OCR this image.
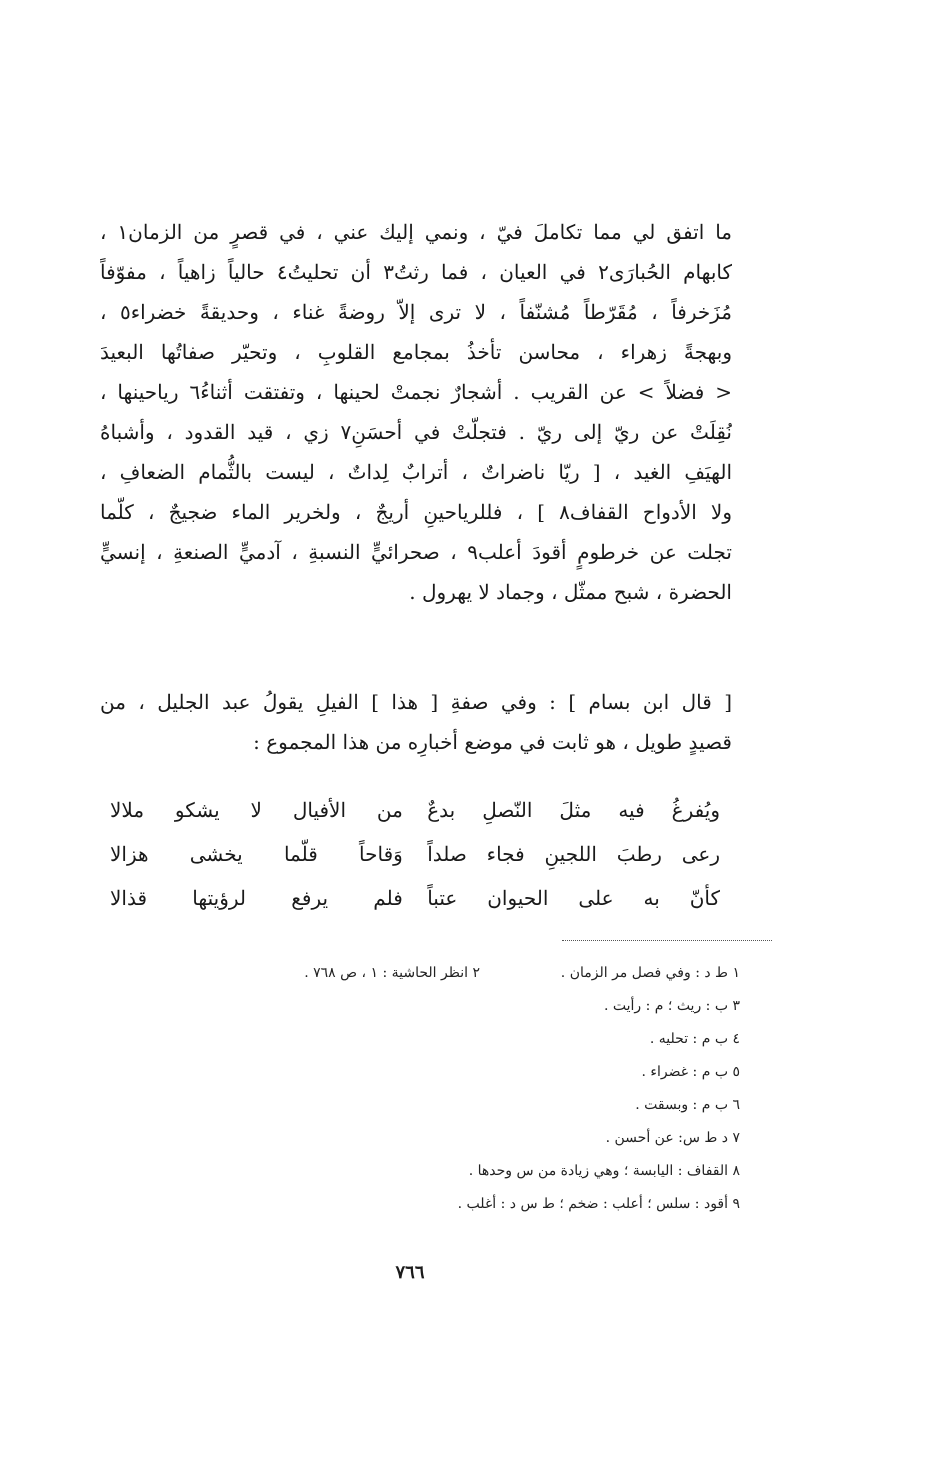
ما اتفق لي مما تكاملَ فيّ ، ونمي إليك عني ، في قصرٍ من الزمان١ ،
كابهام الحُبارَى٢ في العيان ، فما رثتُ٣ أن تحليتُ٤ حالياً زاهياً ، مفوّفاً
مُزَخرفاً ، مُقَرّطاً مُشنّفاً ، لا ترى إلاّ روضةً غناء ، وحديقةً خضراء٥ ،
وبهجةً زهراء ، محاسن تأخذُ بمجامع القلوبِ ، وتحيّر صفاتُها البعيدَ
< فضلاً > عن القريب . أشجارٌ نجمتْ لحينها ، وتفتقت أثناءُ٦ رياحينها ،
نُقِلَتْ عن ريّ إلى ريّ . فتجلّتْ في أحسَنِ٧ زي ، قيد القدود ، وأشباهُ
الهيَفِ الغيد ، [ ريّا ناضراتٌ ، أترابٌ لِداتٌ ، ليست بالثُّمام الضعافِ ،
ولا الأدواح القفاف٨ ] ، فللرياحينِ أريجٌ ، ولخرير الماء ضجيجٌ ، كلّما
تجلت عن خرطومٍ أقودَ أعلب٩ ، صحرائيٍّ النسبةِ ، آدميٍّ الصنعةِ ، إنسيٍّ
الحضرة ، شبح ممثّل ، وجماد لا يهرول .
[ قال ابن بسام ] : وفي صفةِ [ هذا ] الفيلِ يقولُ عبد الجليل ، من
قصيدٍ طويل ، هو ثابت في موضع أخبارِه من هذا المجموع :
ويُفرغُ فيه مثلَ النّصلِ بدعٌ
من الأفيال لا يشكو ملالا
رعى رطبَ اللجينِ فجاء صلداً
وَقاحاً قلّما يخشى هزالا
كأنّ به على الحيوان عتباً
فلم يرفع لرؤيتها قذالا
١ ط د : وفي فصل مر الزمان .
٢ انظر الحاشية : ١ ، ص ٧٦٨ .
٣ ب : ريث ؛ م : رأيت .
٤ ب م : تحليه .
٥ ب م : غضراء .
٦ ب م : وبسقت .
٧ د ط س: عن أحسن .
٨ القفاف : اليابسة ؛ وهي زيادة من س وحدها .
٩ أقود : سلس ؛ أعلب : ضخم ؛ ط س د : أغلب .
٧٦٦
